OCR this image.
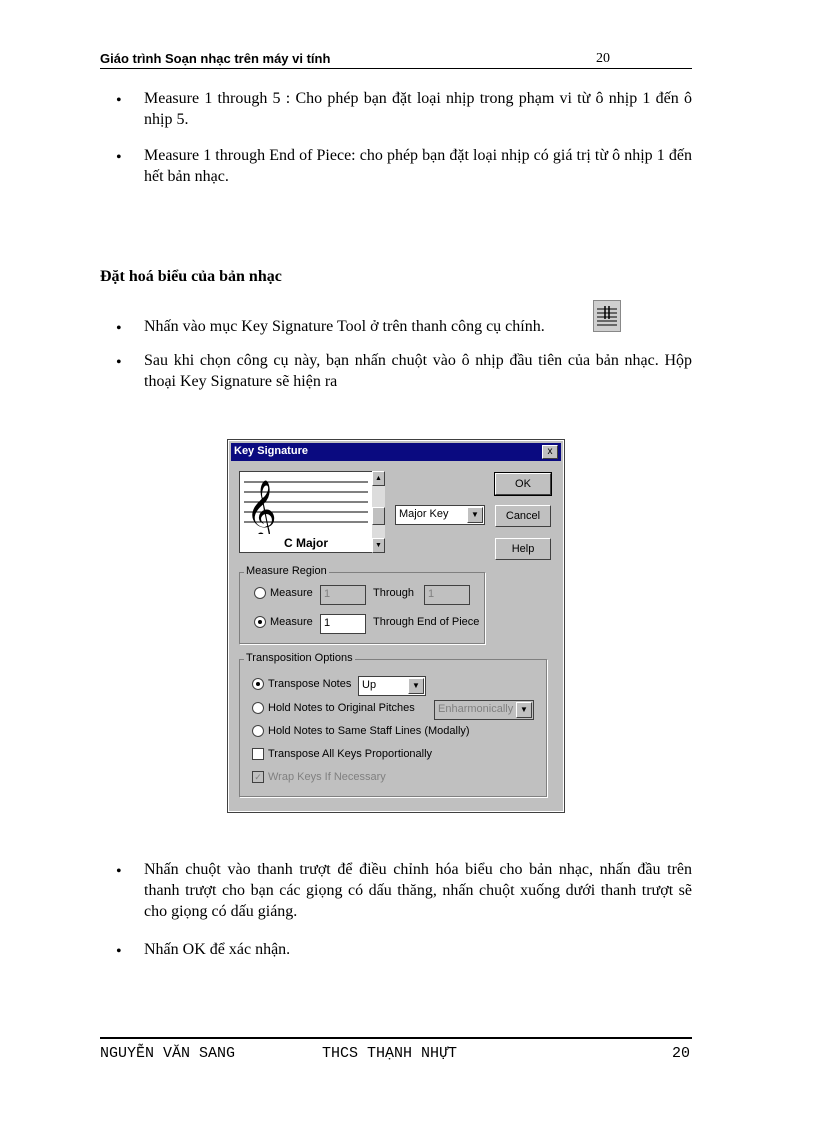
Giáo trình Soạn nhạc trên máy vi tính	20
• Measure 1 through 5 : Cho phép bạn đặt loại nhịp trong phạm vi từ ô nhịp 1 đến ô nhịp 5.
• Measure 1 through End of Piece: cho phép bạn đặt loại nhịp có giá trị từ ô nhịp 1 đến hết bản nhạc.
Đặt hoá biểu của bản nhạc
• Nhấn vào mục Key Signature Tool ở trên thanh công cụ chính.
• Sau khi chọn công cụ này, bạn nhấn chuột vào ô nhịp đầu tiên của bản nhạc. Hộp thoại Key Signature sẽ hiện ra
Key Signature	x
𝄞
C Major
▲
▼
Major Key	▼
OK
Cancel
Help
Measure Region
Measure 1	Through 1
Measure 1	Through End of Piece
Transposition Options
Transpose Notes Up	▼
Hold Notes to Original Pitches Enharmonically ▼
Hold Notes to Same Staff Lines (Modally)
Transpose All Keys Proportionally
✓ Wrap Keys If Necessary
• Nhấn chuột vào thanh trượt để điều chỉnh hóa biểu cho bản nhạc, nhấn đầu trên thanh trượt cho bạn các giọng có dấu thăng, nhấn chuột xuống dưới thanh trượt sẽ cho giọng có dấu giáng.
• Nhấn OK để xác nhận.
NGUYỄN VĂN SANG	THCS THẠNH NHỰT	20
